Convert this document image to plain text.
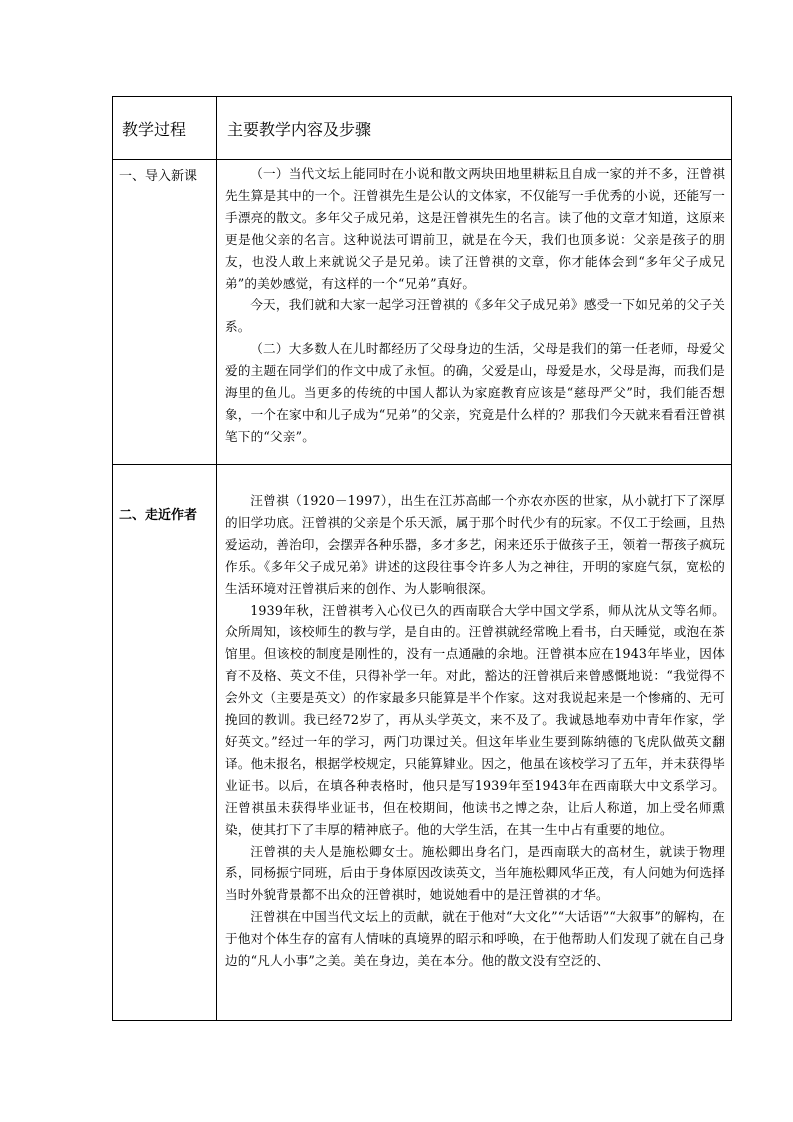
教学过程	主要教学内容及步骤
一、导入新课	（一）当代文坛上能同时在小说和散文两块田地里耕耘且自成一家的并不多，汪曾祺先生算是其中的一个。汪曾祺先生是公认的文体家，不仅能写一手优秀的小说，还能写一手漂亮的散文。多年父子成兄弟，这是汪曾祺先生的名言。读了他的文章才知道，这原来更是他父亲的名言。这种说法可谓前卫，就是在今天，我们也顶多说：父亲是孩子的朋友，也没人敢上来就说父子是兄弟。读了汪曾祺的文章，你才能体会到“多年父子成兄弟”的美妙感觉，有这样的一个“兄弟”真好。

今天，我们就和大家一起学习汪曾祺的《多年父子成兄弟》感受一下如兄弟的父子关系。

（二）大多数人在儿时都经历了父母身边的生活，父母是我们的第一任老师，母爱父爱的主题在同学们的作文中成了永恒。的确，父爱是山，母爱是水，父母是海，而我们是海里的鱼儿。当更多的传统的中国人都认为家庭教育应该是“慈母严父”时，我们能否想象，一个在家中和儿子成为“兄弟”的父亲，究竟是什么样的？那我们今天就来看看汪曾祺笔下的“父亲”。

二、走近作者

汪曾祺（1920－1997），出生在江苏高邮一个亦农亦医的世家，从小就打下了深厚的旧学功底。汪曾祺的父亲是个乐天派，属于那个时代少有的玩家。不仅工于绘画，且热爱运动，善治印，会摆弄各种乐器，多才多艺，闲来还乐于做孩子王，领着一帮孩子疯玩作乐。《多年父子成兄弟》讲述的这段往事令许多人为之神往，开明的家庭气氛，宽松的生活环境对汪曾祺后来的创作、为人影响很深。

1939年秋，汪曾祺考入心仪已久的西南联合大学中国文学系，师从沈从文等名师。众所周知，该校师生的教与学，是自由的。汪曾祺就经常晚上看书，白天睡觉，或泡在茶馆里。但该校的制度是刚性的，没有一点通融的余地。汪曾祺本应在1943年毕业，因体育不及格、英文不佳，只得补学一年。对此，豁达的汪曾祺后来曾感慨地说：“我觉得不会外文（主要是英文）的作家最多只能算是半个作家。这对我说起来是一个惨痛的、无可挽回的教训。我已经72岁了，再从头学英文，来不及了。我诚恳地奉劝中青年作家，学好英文。”经过一年的学习，两门功课过关。但这年毕业生要到陈纳德的飞虎队做英文翻译。他未报名，根据学校规定，只能算肄业。因之，他虽在该校学习了五年，并未获得毕业证书。以后，在填各种表格时，他只是写1939年至1943年在西南联大中文系学习。汪曾祺虽未获得毕业证书，但在校期间，他读书之博之杂，让后人称道，加上受名师熏染，使其打下了丰厚的精神底子。他的大学生活，在其一生中占有重要的地位。

汪曾祺的夫人是施松卿女士。施松卿出身名门，是西南联大的高材生，就读于物理系，同杨振宁同班，后由于身体原因改读英文，当年施松卿风华正茂，有人问她为何选择当时外貌背景都不出众的汪曾祺时，她说她看中的是汪曾祺的才华。

汪曾祺在中国当代文坛上的贡献，就在于他对“大文化”“大话语”“大叙事”的解构，在于他对个体生存的富有人情味的真境界的昭示和呼唤，在于他帮助人们发现了就在自己身边的“凡人小事”之美。美在身边，美在本分。他的散文没有空泛的、
